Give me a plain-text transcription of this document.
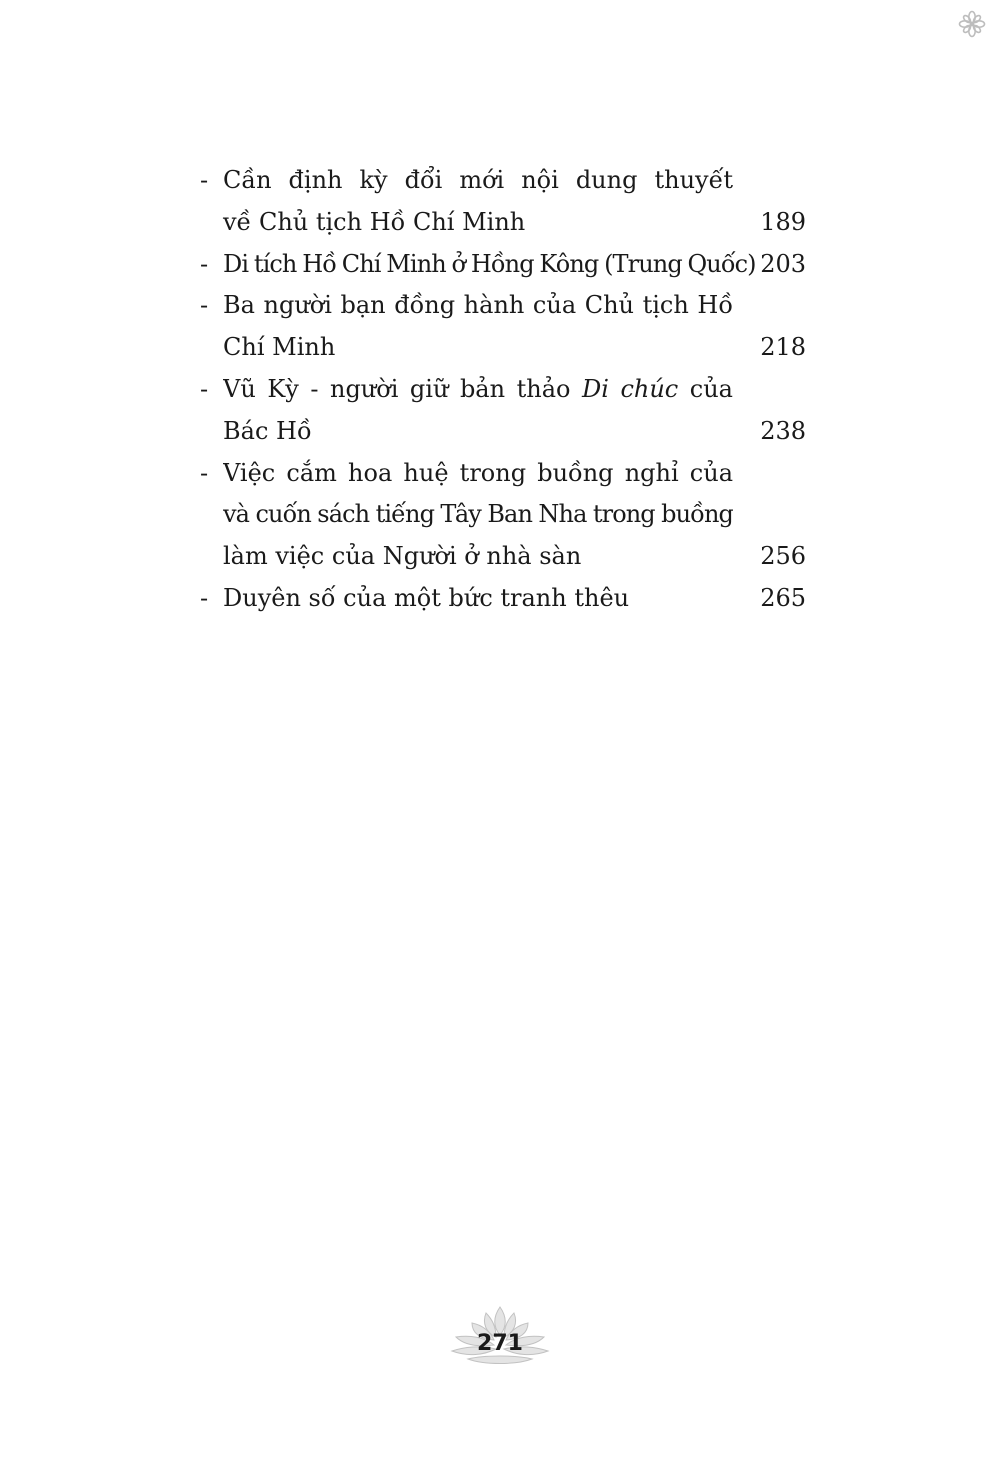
- Cần định kỳ đổi mới nội dung thuyết
về Chủ tịch Hồ Chí Minh	189
- Di tích Hồ Chí Minh ở Hồng Kông (Trung Quốc) 203
- Ba người bạn đồng hành của Chủ tịch Hồ
Chí Minh	218
- Vũ Kỳ - người giữ bản thảo Di chúc của
Bác Hồ	238
- Việc cắm hoa huệ trong buồng nghỉ của
và cuốn sách tiếng Tây Ban Nha trong buồng
làm việc của Người ở nhà sàn	256
- Duyên số của một bức tranh thêu	265
271
